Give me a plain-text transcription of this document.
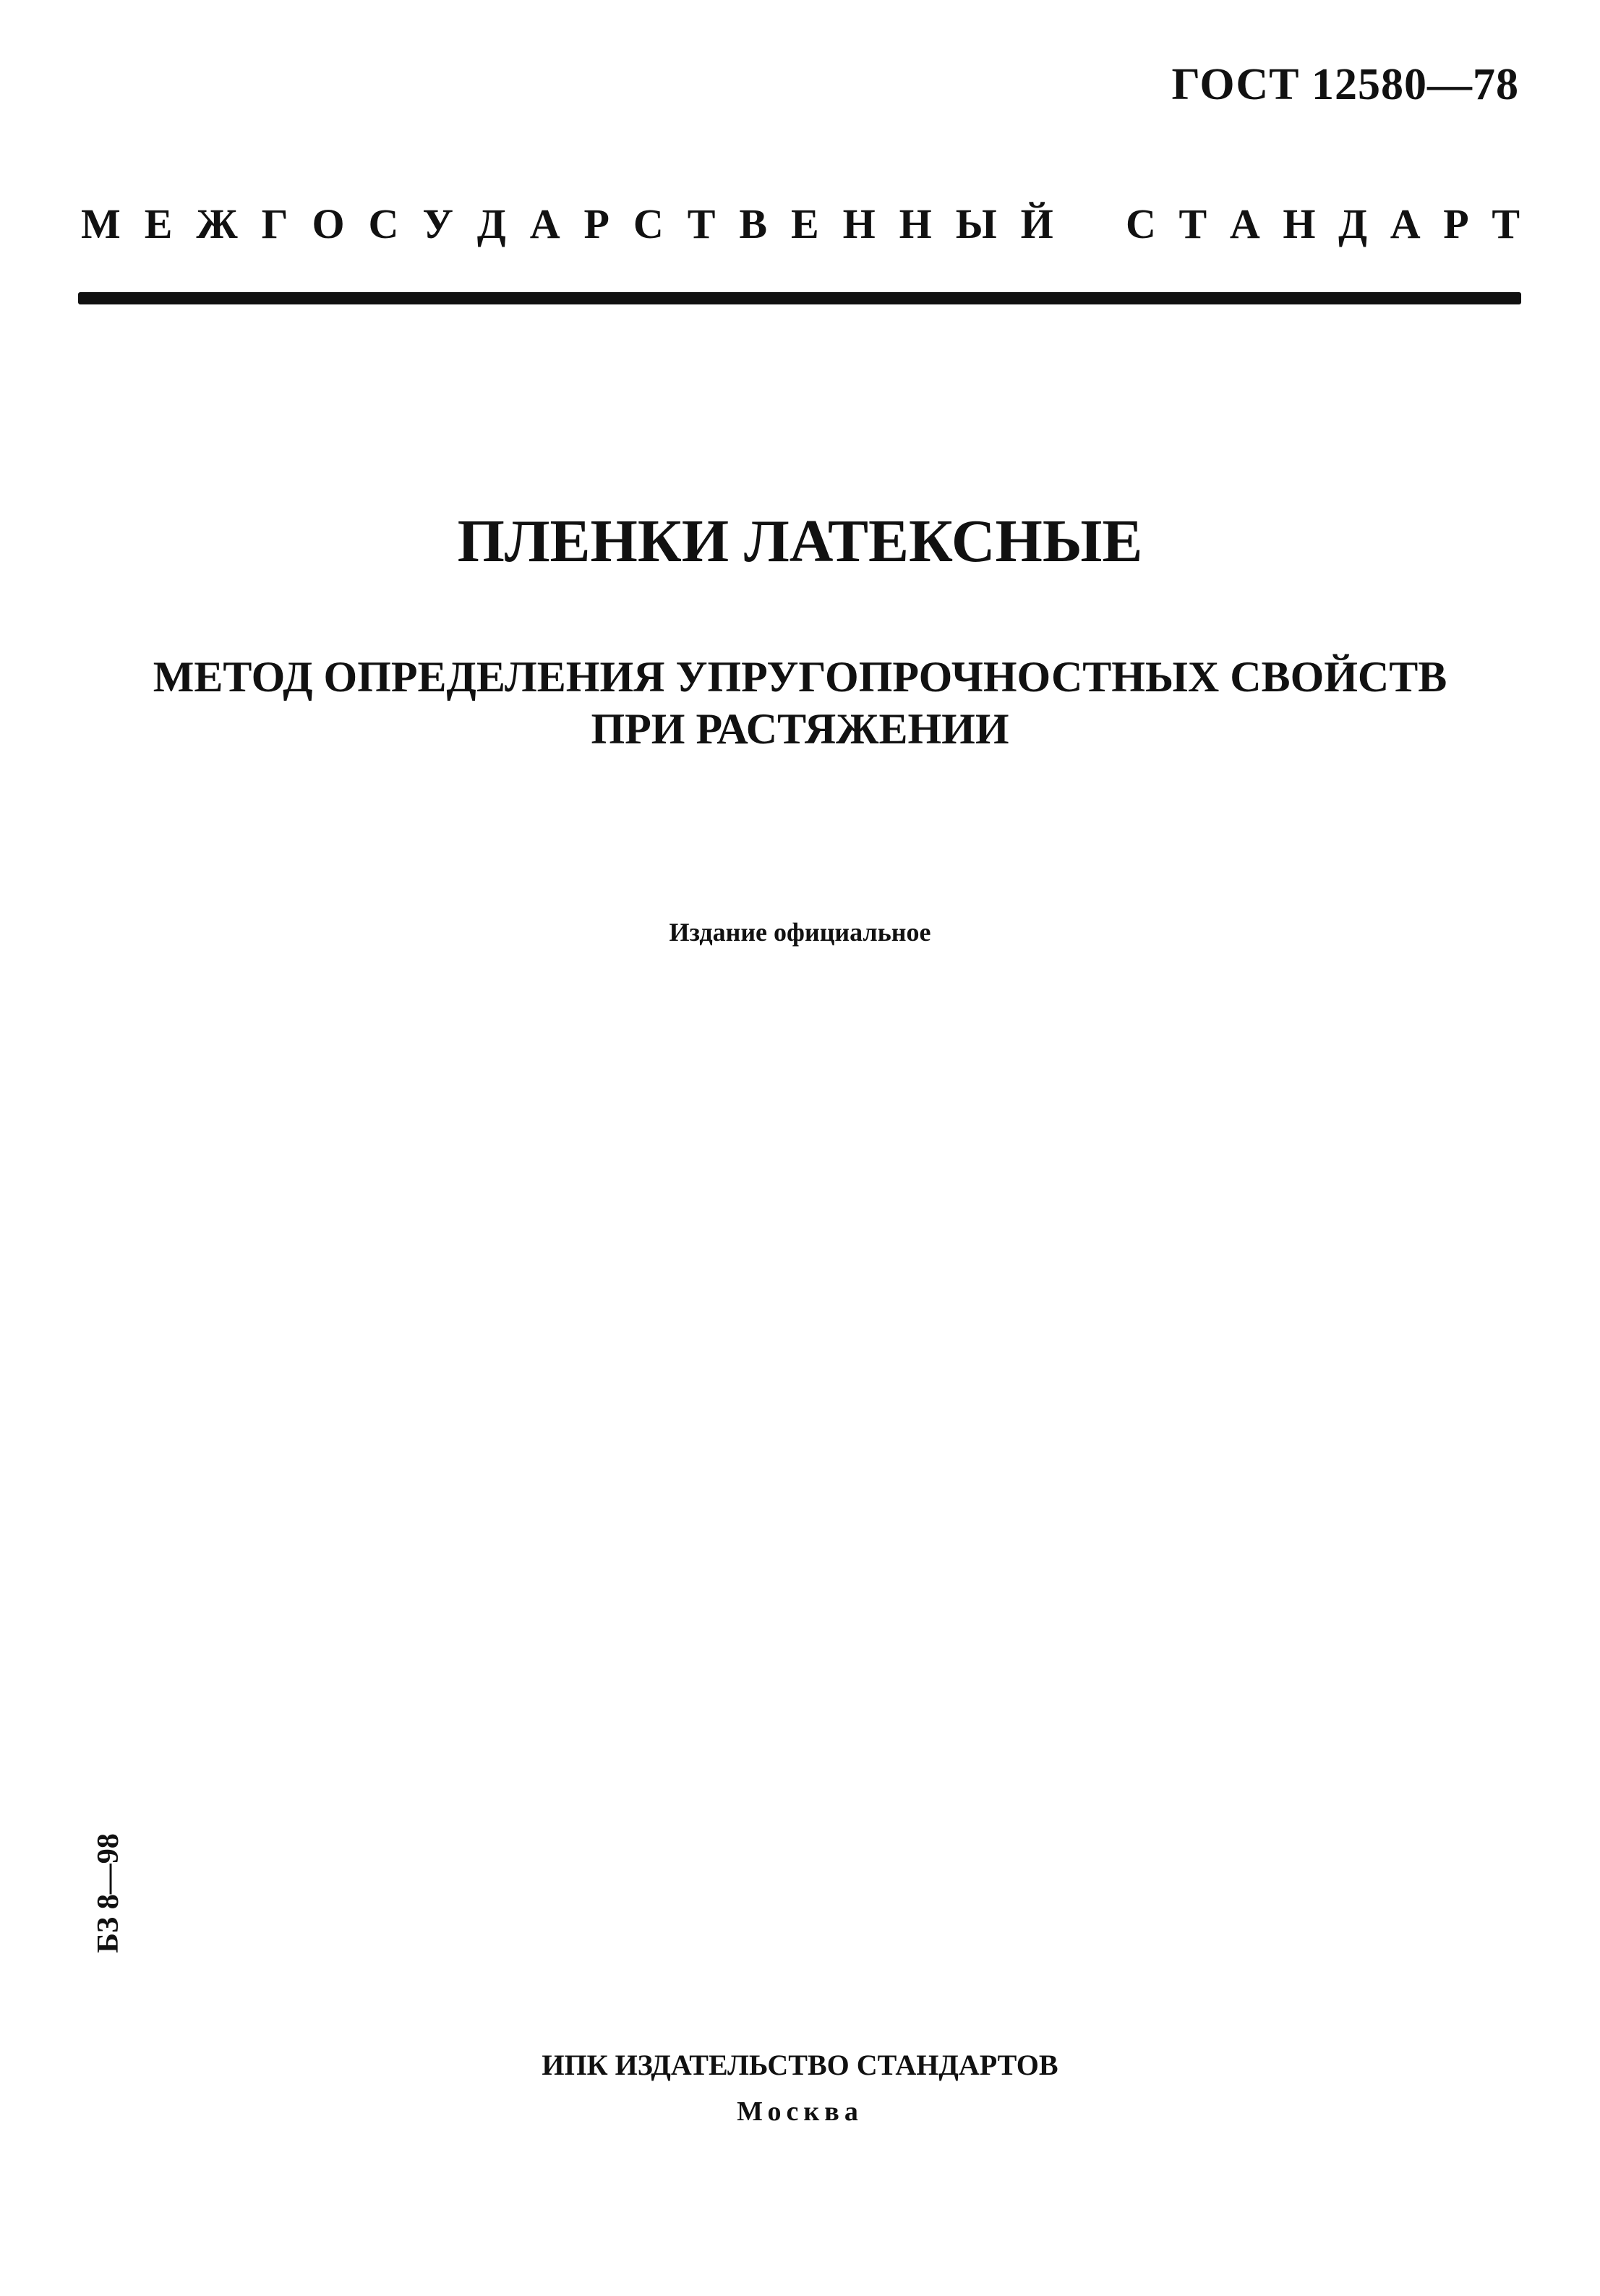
ГОСТ 12580—78
М Е Ж Г О С У Д А Р С Т В Е Н Н Ы Й С Т А Н Д А Р Т
ПЛЕНКИ ЛАТЕКСНЫЕ
МЕТОД ОПРЕДЕЛЕНИЯ УПРУГОПРОЧНОСТНЫХ СВОЙСТВ
ПРИ РАСТЯЖЕНИИ
Издание официальное
БЗ 8—98
ИПК ИЗДАТЕЛЬСТВО СТАНДАРТОВ
Москва
